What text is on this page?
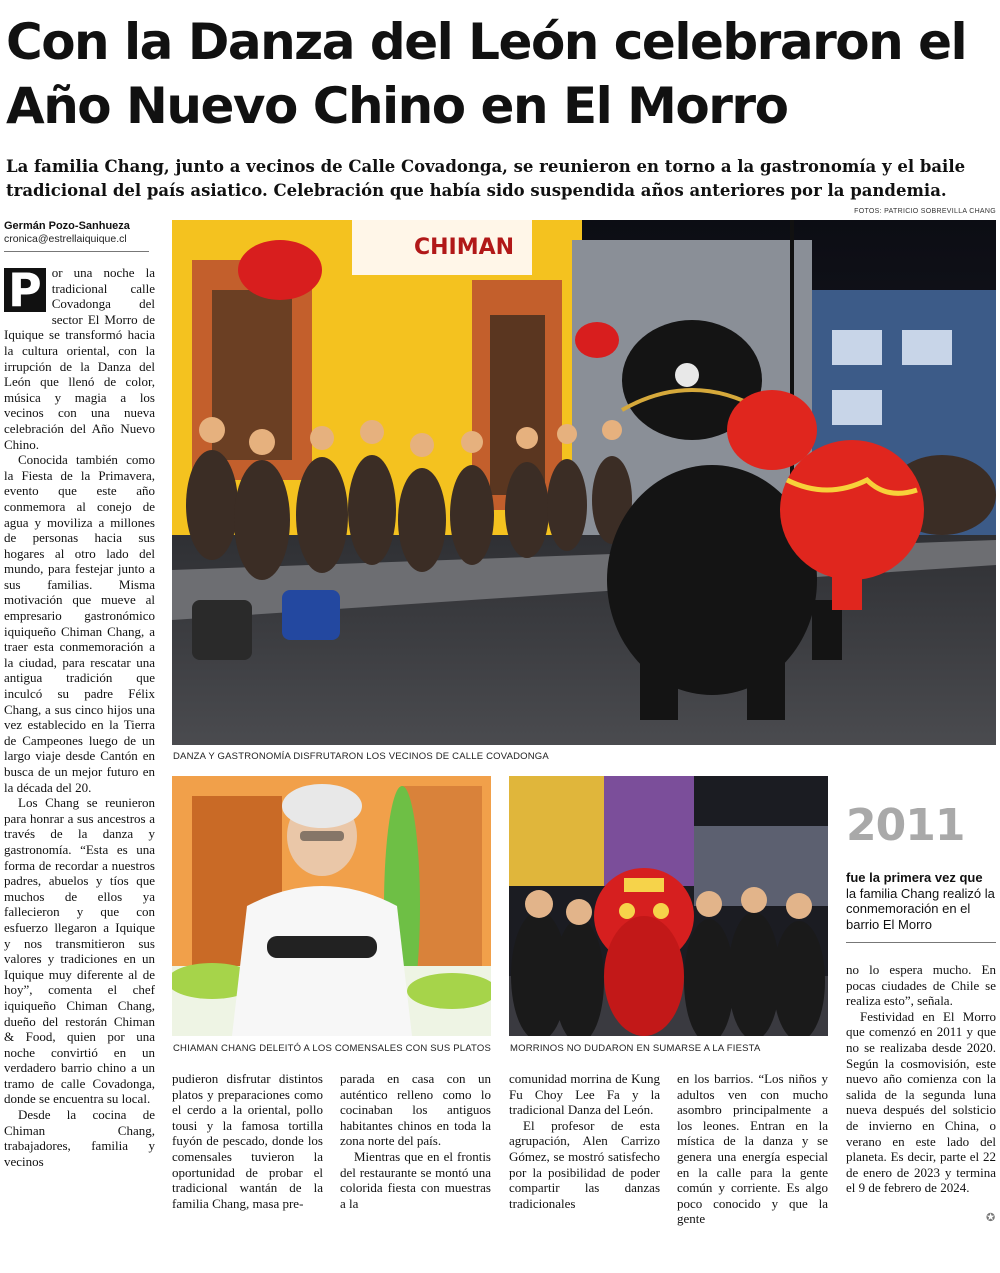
Con la Danza del León celebraron el Año Nuevo Chino en El Morro

La familia Chang, junto a vecinos de Calle Covadonga, se reunieron en torno a la gastronomía y el baile tradicional del país asiatico. Celebración que había sido suspendida años anteriores por la pandemia.

Germán Pozo-Sanhueza
cronica@estrellaiquique.cl
FOTOS: PATRICIO SOBREVILLA CHANG

P or una noche la tradicional calle Covadonga del sector El Morro de Iquique se transformó hacia la cultura oriental, con la irrupción de la Danza del León que llenó de color, música y magia a los vecinos con una nueva celebración del Año Nuevo Chino.

Conocida también como la Fiesta de la Primavera, evento que este año conmemora al conejo de agua y moviliza a millones de personas hacia sus hogares al otro lado del mundo, para festejar junto a sus familias. Misma motivación que mueve al empresario gastronómico iquiqueño Chiman Chang, a traer esta conmemoración a la ciudad, para rescatar una antigua tradición que inculcó su padre Félix Chang, a sus cinco hijos una vez establecido en la Tierra de Campeones luego de un largo viaje desde Cantón en busca de un mejor futuro en la década del 20.

Los Chang se reunieron para honrar a sus ancestros a través de la danza y gastronomía. “Esta es una forma de recordar a nuestros padres, abuelos y tíos que muchos de ellos ya fallecieron y que con esfuerzo llegaron a Iquique y nos transmitieron sus valores y tradiciones en un Iquique muy diferente al de hoy”, comenta el chef iquiqueño Chiman Chang, dueño del restorán Chiman & Food, quien por una noche convirtió en un verdadero barrio chino a un tramo de calle Covadonga, donde se encuentra su local.

Desde la cocina de Chiman Chang, trabajadores, familia y vecinos

CHIMAN
DANZA Y GASTRONOMÍA DISFRUTARON LOS VECINOS DE CALLE COVADONGA
CHIAMAN CHANG DELEITÓ A LOS COMENSALES CON SUS PLATOS MORRINOS NO DUDARON EN SUMARSE A LA FIESTA
2011
fue la primera vez que
la familia Chang realizó la conmemoración en el barrio El Morro

pudieron disfrutar distintos platos y preparaciones como el cerdo a la oriental, pollo tousi y la famosa tortilla fuyón de pescado, donde los comensales tuvieron la oportunidad de probar el tradicional wantán de la familia Chang, masa pre-

parada en casa con un auténtico relleno como lo cocinaban los antiguos habitantes chinos en toda la zona norte del país.

Mientras que en el frontis del restaurante se montó una colorida fiesta con muestras a la

comunidad morrina de Kung Fu Choy Lee Fa y la tradicional Danza del León.

El profesor de esta agrupación, Alen Carrizo Gómez, se mostró satisfecho por la posibilidad de poder compartir las danzas tradicionales

en los barrios. “Los niños y adultos ven con mucho asombro principalmente a los leones. Entran en la mística de la danza y se genera una energía especial en la calle para la gente común y corriente. Es algo poco conocido y que la gente

no lo espera mucho. En pocas ciudades de Chile se realiza esto”, señala.

Festividad en El Morro que comenzó en 2011 y que no se realizaba desde 2020. Según la cosmovisión, este nuevo año comienza con la salida de la segunda luna nueva después del solsticio de invierno en China, o verano en este lado del planeta. Es decir, parte el 22 de enero de 2023 y termina el 9 de febrero de 2024.

✪
